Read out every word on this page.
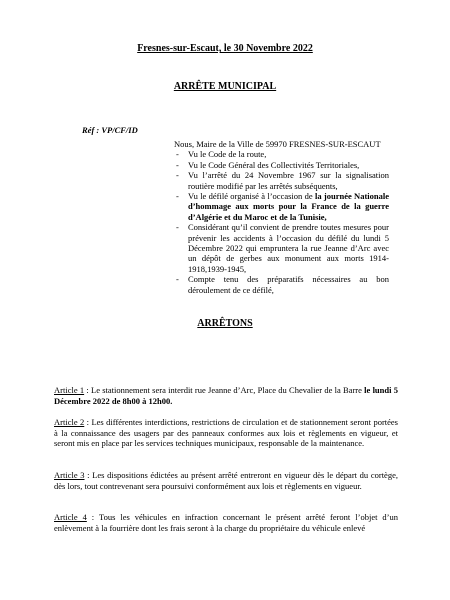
Fresnes-sur-Escaut, le 30 Novembre 2022
ARRÊTE MUNICIPAL
Réf : VP/CF/ID
Nous, Maire de la Ville de 59970 FRESNES-SUR-ESCAUT
- Vu le Code de la route,
- Vu le Code Général des Collectivités Territoriales,
- Vu l’arrêté du 24 Novembre 1967 sur la signalisation routière modifié par les arrêtés subséquents,
- Vu le défilé organisé à l’occasion de la journée Nationale d’hommage aux morts pour la France de la guerre d’Algérie et du Maroc et de la Tunisie,
- Considérant qu’il convient de prendre toutes mesures pour prévenir les accidents à l’occasion du défilé du lundi 5 Décembre 2022 qui empruntera la rue Jeanne d’Arc avec un dépôt de gerbes aux monument aux morts 1914-1918,1939-1945,
- Compte tenu des préparatifs nécessaires au bon déroulement de ce défilé,
ARRÊTONS
Article 1 : Le stationnement sera interdit rue Jeanne d’Arc, Place du Chevalier de la Barre le lundi 5 Décembre 2022 de 8h00 à 12h00.
Article 2 : Les différentes interdictions, restrictions de circulation et de stationnement seront portées à la connaissance des usagers par des panneaux conformes aux lois et règlements en vigueur, et seront mis en place par les services techniques municipaux, responsable de la maintenance.
Article 3 : Les dispositions édictées au présent arrêté entreront en vigueur dès le départ du cortège, dès lors, tout contrevenant sera poursuivi conformément aux lois et règlements en vigueur.
Article 4 : Tous les véhicules en infraction concernant le présent arrêté feront l’objet d’un enlèvement à la fourrière dont les frais seront à la charge du propriétaire du véhicule enlevé
